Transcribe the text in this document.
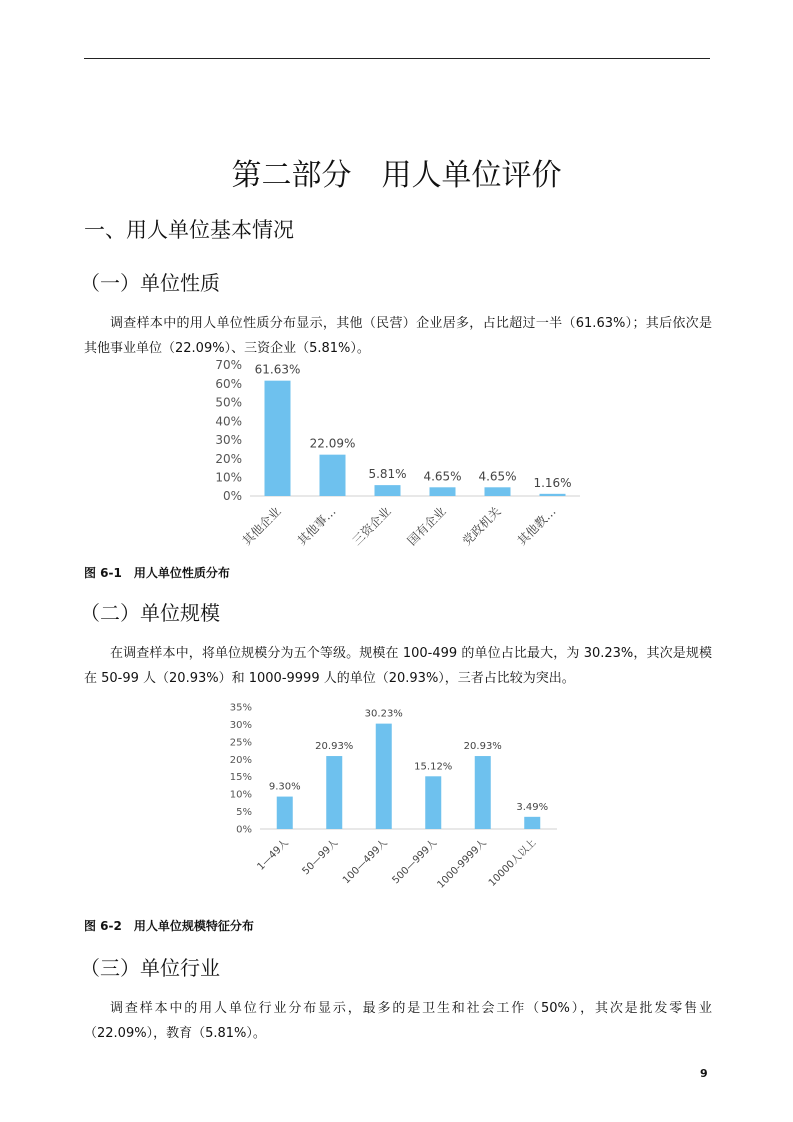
第二部分　用人单位评价
一、用人单位基本情况
（一）单位性质
调查样本中的用人单位性质分布显示，其他（民营）企业居多，占比超过一半（61.63%）；其后依次是其他事业单位（22.09%）、三资企业（5.81%）。
0%
10%
20%
30%
40%
50%
60%
70% 61.63%
其他企业
22.09%
其他事…
5.81%
三资企业
4.65%
国有企业
4.65%
党政机关
1.16%
其他教…
图 6-1　用人单位性质分布
（二）单位规模
在调查样本中，将单位规模分为五个等级。规模在 100-499 的单位占比最大，为 30.23%，其次是规模在 50-99 人（20.93%）和 1000-9999 人的单位（20.93%），三者占比较为突出。
0%
5%
10%
15%
20%
25%
30%
35%
9.30%
1—49人
20.93%
50—99人
30.23%
100—499人
15.12%
500—999人
20.93%
1000-9999人
3.49%
10000人以上
图 6-2　用人单位规模特征分布
（三）单位行业
调查样本中的用人单位行业分布显示，最多的是卫生和社会工作（50%），其次是批发零售业（22.09%），教育（5.81%）。
9
